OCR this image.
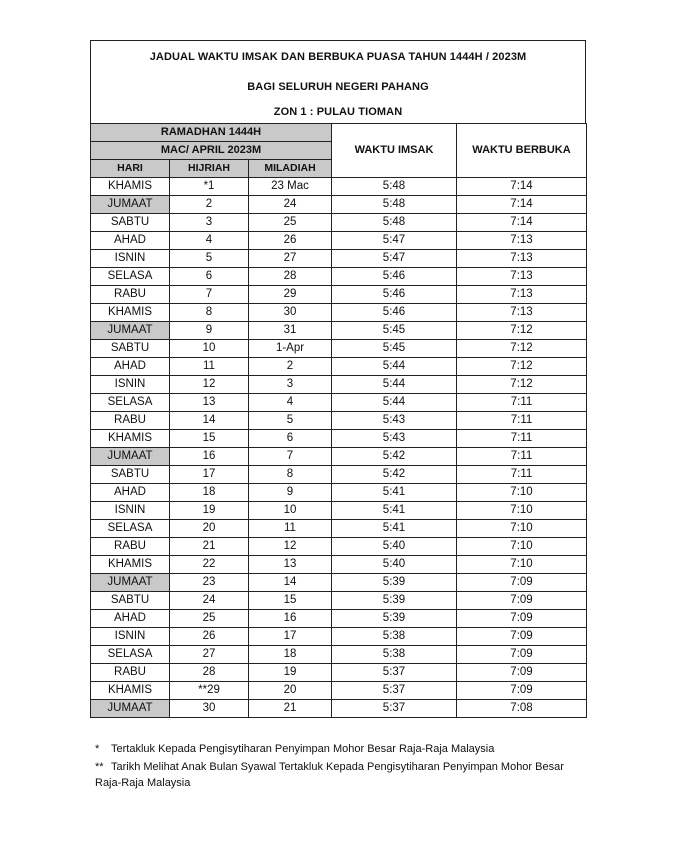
JADUAL WAKTU IMSAK DAN BERBUKA PUASA TAHUN 1444H / 2023M
BAGI SELURUH NEGERI PAHANG
ZON 1 : PULAU TIOMAN
RAMADHAN 1444H			WAKTU IMSAK	WAKTU BERBUKA
MAC/ APRIL 2023M				
HARI	HIJRIAH	MILADIAH		
KHAMIS	*1	23 Mac	5:48	7:14
JUMAAT	2	24	5:48	7:14
SABTU	3	25	5:48	7:14
AHAD	4	26	5:47	7:13
ISNIN	5	27	5:47	7:13
SELASA	6	28	5:46	7:13
RABU	7	29	5:46	7:13
KHAMIS	8	30	5:46	7:13
JUMAAT	9	31	5:45	7:12
SABTU	10	1-Apr	5:45	7:12
AHAD	11	2	5:44	7:12
ISNIN	12	3	5:44	7:12
SELASA	13	4	5:44	7:11
RABU	14	5	5:43	7:11
KHAMIS	15	6	5:43	7:11
JUMAAT	16	7	5:42	7:11
SABTU	17	8	5:42	7:11
AHAD	18	9	5:41	7:10
ISNIN	19	10	5:41	7:10
SELASA	20	11	5:41	7:10
RABU	21	12	5:40	7:10
KHAMIS	22	13	5:40	7:10
JUMAAT	23	14	5:39	7:09
SABTU	24	15	5:39	7:09
AHAD	25	16	5:39	7:09
ISNIN	26	17	5:38	7:09
SELASA	27	18	5:38	7:09
RABU	28	19	5:37	7:09
KHAMIS	**29	20	5:37	7:09
JUMAAT	30	21	5:37	7:08
* Tertakluk Kepada Pengisytiharan Penyimpan Mohor Besar Raja-Raja Malaysia
** Tarikh Melihat Anak Bulan Syawal Tertakluk Kepada Pengisytiharan Penyimpan Mohor Besar Raja-Raja Malaysia
